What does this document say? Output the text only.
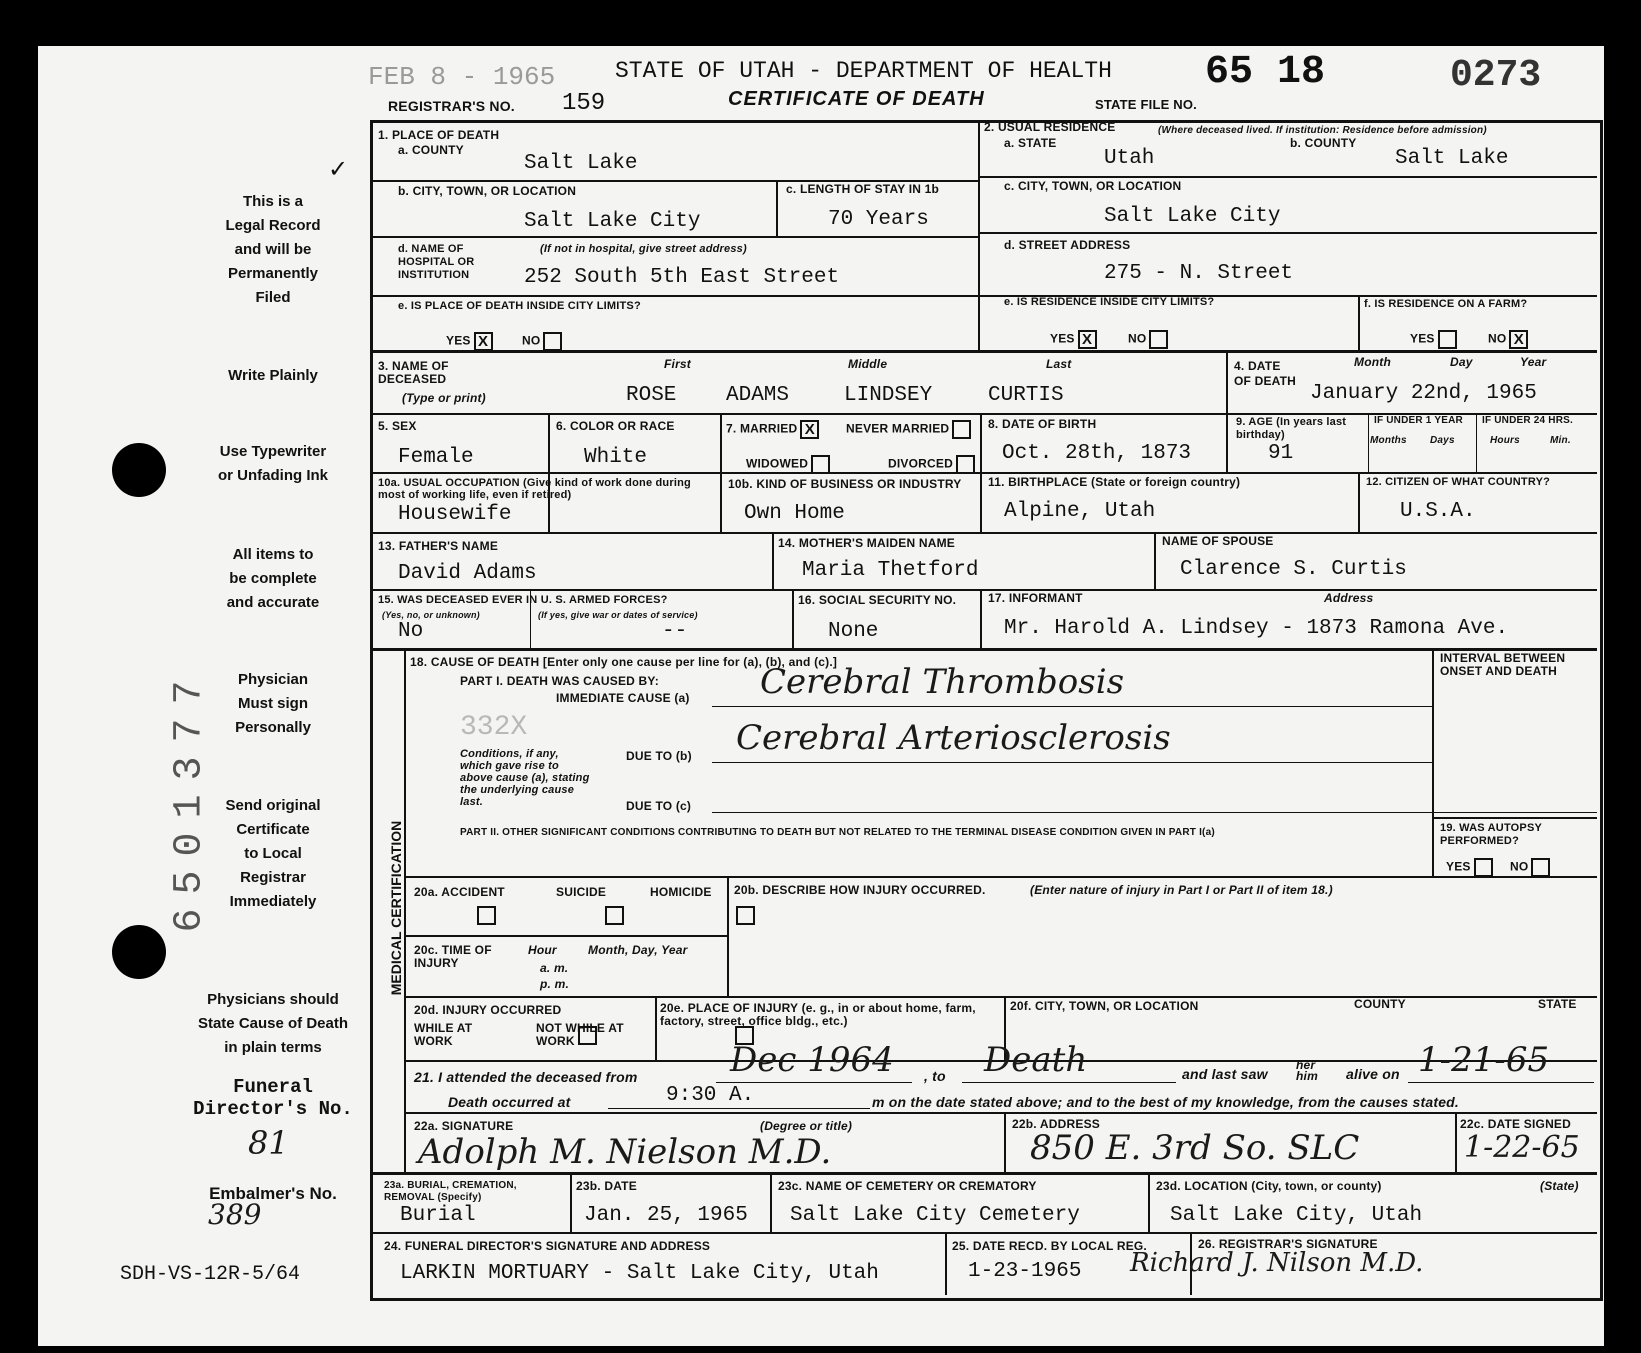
FEB 8 - 1965	STATE OF UTAH - DEPARTMENT OF HEALTH 65 18	0273
REGISTRAR'S NO. 159	CERTIFICATE OF DEATH	STATE FILE NO.
✓
This is a
Legal Record
and will be
Permanently
Filed
Write Plainly
Use Typewriter
or Unfading Ink
All items to
be complete
and accurate
Physician
Must sign
Personally
Send original
Certificate
to Local
Registrar
Immediately
Physicians should
State Cause of Death
in plain terms
Funeral
Director's No.
81
Embalmer's No.
389
SDH-VS-12R-5/64
6501377	MEDICAL CERTIFICATION
1. PLACE OF DEATH
a. COUNTY
Salt Lake
2. USUAL RESIDENCE	(Where deceased lived. If institution: Residence before admission)
a. STATE	b. COUNTY
Utah	Salt Lake
b. CITY, TOWN, OR LOCATION
Salt Lake City
c. LENGTH OF STAY IN 1b
70 Years
c. CITY, TOWN, OR LOCATION
Salt Lake City
d. NAME OF HOSPITAL OR INSTITUTION
(If not in hospital, give street address)
252 South 5th East Street
d. STREET ADDRESS
275 - N. Street
e. IS PLACE OF DEATH INSIDE CITY LIMITS?
YES X	NO
e. IS RESIDENCE INSIDE CITY LIMITS?
YES X	NO
f. IS RESIDENCE ON A FARM?
YES	NO X
3. NAME OF DECEASED
(Type or print)
First	Middle	Last
ROSE ADAMS	LINDSEY	CURTIS
4. DATE OF DEATH
Month	Day	Year
January 22nd, 1965
5. SEX
Female
6. COLOR OR RACE
White
7. MARRIED X	NEVER MARRIED
WIDOWED	DIVORCED
8. DATE OF BIRTH
Oct. 28th, 1873
9. AGE (In years last birthday)
91
IF UNDER 1 YEAR IF UNDER 24 HRS.
Months Days	Hours	Min.
10a. USUAL OCCUPATION (Give kind of work done during most of working life, even if retired)
Housewife
10b. KIND OF BUSINESS OR INDUSTRY
Own Home
11. BIRTHPLACE (State or foreign country)
Alpine, Utah
12. CITIZEN OF WHAT COUNTRY?
U.S.A.
13. FATHER'S NAME
David Adams
14. MOTHER'S MAIDEN NAME
Maria Thetford
NAME OF SPOUSE
Clarence S. Curtis
15. WAS DECEASED EVER IN U. S. ARMED FORCES?
(Yes, no, or unknown)	(If yes, give war or dates of service)
No	--
16. SOCIAL SECURITY NO.
None
17. INFORMANT	Address
Mr. Harold A. Lindsey - 1873 Ramona Ave.
18. CAUSE OF DEATH [Enter only one cause per line for (a), (b), and (c).]
PART I. DEATH WAS CAUSED BY:
IMMEDIATE CAUSE (a) Cerebral Thrombosis
INTERVAL BETWEEN ONSET AND DEATH
332X
Conditions, if any, which gave rise to above cause (a), stating the underlying cause last.
DUE TO (b) Cerebral Arteriosclerosis
DUE TO (c)
PART II. OTHER SIGNIFICANT CONDITIONS CONTRIBUTING TO DEATH BUT NOT RELATED TO THE TERMINAL DISEASE CONDITION GIVEN IN PART I(a)	19. WAS AUTOPSY PERFORMED?
YES	NO
20a. ACCIDENT	SUICIDE	HOMICIDE
20b. DESCRIBE HOW INJURY OCCURRED.	(Enter nature of injury in Part I or Part II of item 18.)
20c. TIME OF INJURY
Hour
a. m.
p. m.
Month, Day, Year
20d. INJURY OCCURRED
WHILE AT WORK

NOT WHILE AT WORK
20e. PLACE OF INJURY (e. g., in or about home, farm, factory, street, office bldg., etc.)
20f. CITY, TOWN, OR LOCATION	COUNTY	STATE
21. I attended the deceased from	Dec 1964 , to Death	and last saw
her him	alive on 1-21-65
Death occurred at	9:30 A.	m on the date stated above; and to the best of my knowledge, from the causes stated.
22a. SIGNATURE	(Degree or title)
Adolph M. Nielson M.D.
22b. ADDRESS
850 E. 3rd So. SLC
22c. DATE SIGNED
1-22-65
23a. BURIAL, CREMATION, REMOVAL (Specify)
Burial
23b. DATE
Jan. 25, 1965
23c. NAME OF CEMETERY OR CREMATORY
Salt Lake City Cemetery
23d. LOCATION (City, town, or county)	(State)
Salt Lake City, Utah
24. FUNERAL DIRECTOR'S SIGNATURE AND ADDRESS
LARKIN MORTUARY - Salt Lake City, Utah
25. DATE RECD. BY LOCAL REG.
1-23-1965
26. REGISTRAR'S SIGNATURE
Richard J. Nilson M.D.
